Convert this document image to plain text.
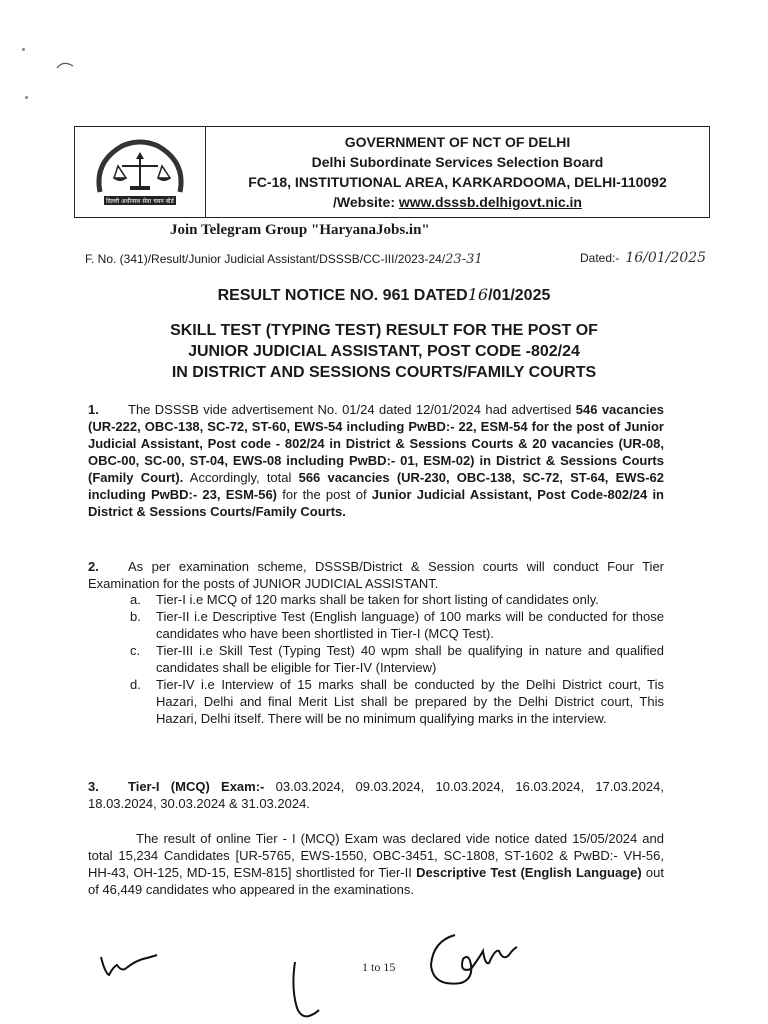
दिल्ली अधीनस्थ सेवा चयन बोर्ड
GOVERNMENT OF NCT OF DELHI
Delhi Subordinate Services Selection Board
FC-18, INSTITUTIONAL AREA, KARKARDOOMA, DELHI-110092
/Website: www.dsssb.delhigovt.nic.in
Join Telegram Group "HaryanaJobs.in"
F. No. (341)/Result/Junior Judicial Assistant/DSSSB/CC-III/2023-24/23-31	Dated:- 16/01/2025
RESULT NOTICE NO. 961 DATED16/01/2025
SKILL TEST (TYPING TEST) RESULT FOR THE POST OF
JUNIOR JUDICIAL ASSISTANT, POST CODE -802/24
IN DISTRICT AND SESSIONS COURTS/FAMILY COURTS
1. The DSSSB vide advertisement No. 01/24 dated 12/01/2024 had advertised 546 vacancies (UR-222, OBC-138, SC-72, ST-60, EWS-54 including PwBD:- 22, ESM-54 for the post of Junior Judicial Assistant, Post code - 802/24 in District & Sessions Courts & 20 vacancies (UR-08, OBC-00, SC-00, ST-04, EWS-08 including PwBD:- 01, ESM-02) in District & Sessions Courts (Family Court). Accordingly, total 566 vacancies (UR-230, OBC-138, SC-72, ST-64, EWS-62 including PwBD:- 23, ESM-56) for the post of Junior Judicial Assistant, Post Code-802/24 in District & Sessions Courts/Family Courts.
2. As per examination scheme, DSSSB/District & Session courts will conduct Four Tier Examination for the posts of JUNIOR JUDICIAL ASSISTANT.
a.	Tier-I i.e MCQ of 120 marks shall be taken for short listing of candidates only.
b.	Tier-II i.e Descriptive Test (English language) of 100 marks will be conducted for those candidates who have been shortlisted in Tier-I (MCQ Test).
c.	Tier-III i.e Skill Test (Typing Test) 40 wpm shall be qualifying in nature and qualified candidates shall be eligible for Tier-IV (Interview)
d.	Tier-IV i.e Interview of 15 marks shall be conducted by the Delhi District court, Tis Hazari, Delhi and final Merit List shall be prepared by the Delhi District court, This Hazari, Delhi itself. There will be no minimum qualifying marks in the interview.
3. Tier-I (MCQ) Exam:- 03.03.2024, 09.03.2024, 10.03.2024, 16.03.2024, 17.03.2024, 18.03.2024, 30.03.2024 & 31.03.2024.
The result of online Tier - I (MCQ) Exam was declared vide notice dated 15/05/2024 and total 15,234 Candidates [UR-5765, EWS-1550, OBC-3451, SC-1808, ST-1602 & PwBD:- VH-56, HH-43, OH-125, MD-15, ESM-815] shortlisted for Tier-II Descriptive Test (English Language) out of 46,449 candidates who appeared in the examinations.
1 to 15
